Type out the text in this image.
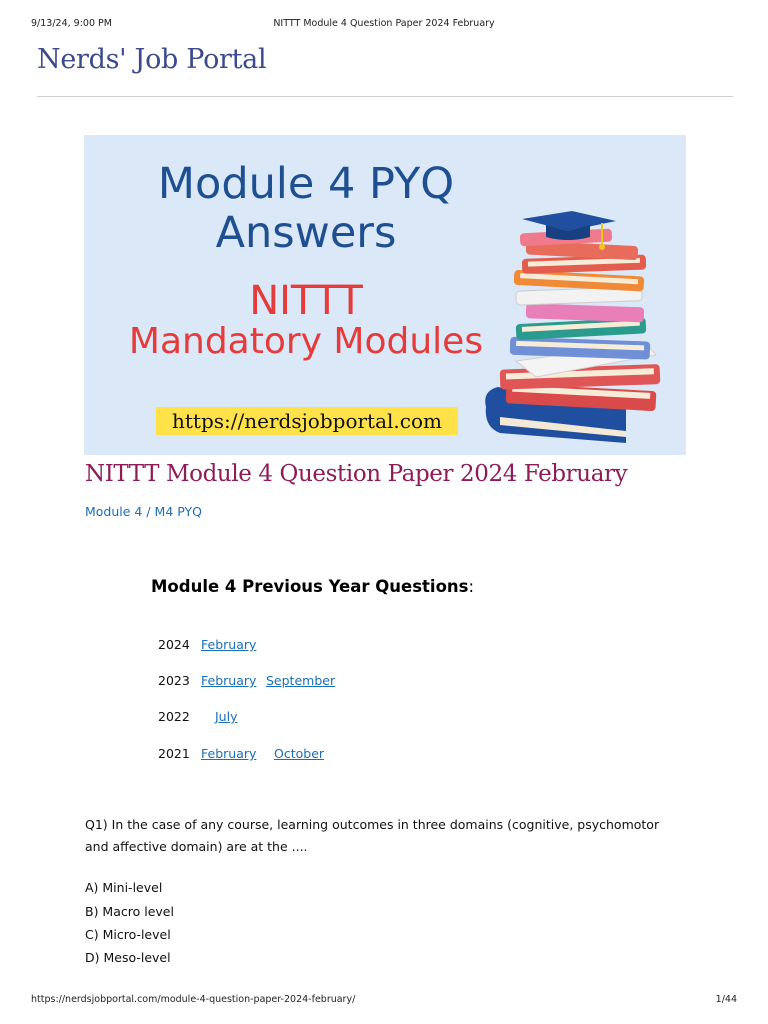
9/13/24, 9:00 PM	NITTT Module 4 Question Paper 2024 February
Nerds' Job Portal
Module 4 PYQ
Answers
NITTT
Mandatory Modules
https://nerdsjobportal.com
NITTT Module 4 Question Paper 2024 February
Module 4 / M4 PYQ
Module 4 Previous Year Questions:
2024 February
2023 February September
2022 July
2021 February October

Q1) In the case of any course, learning outcomes in three domains (cognitive, psychomotor and affective domain) are at the ....

A) Mini-level
B) Macro level
C) Micro-level
D) Meso-level
https://nerdsjobportal.com/module-4-question-paper-2024-february/	1/44
